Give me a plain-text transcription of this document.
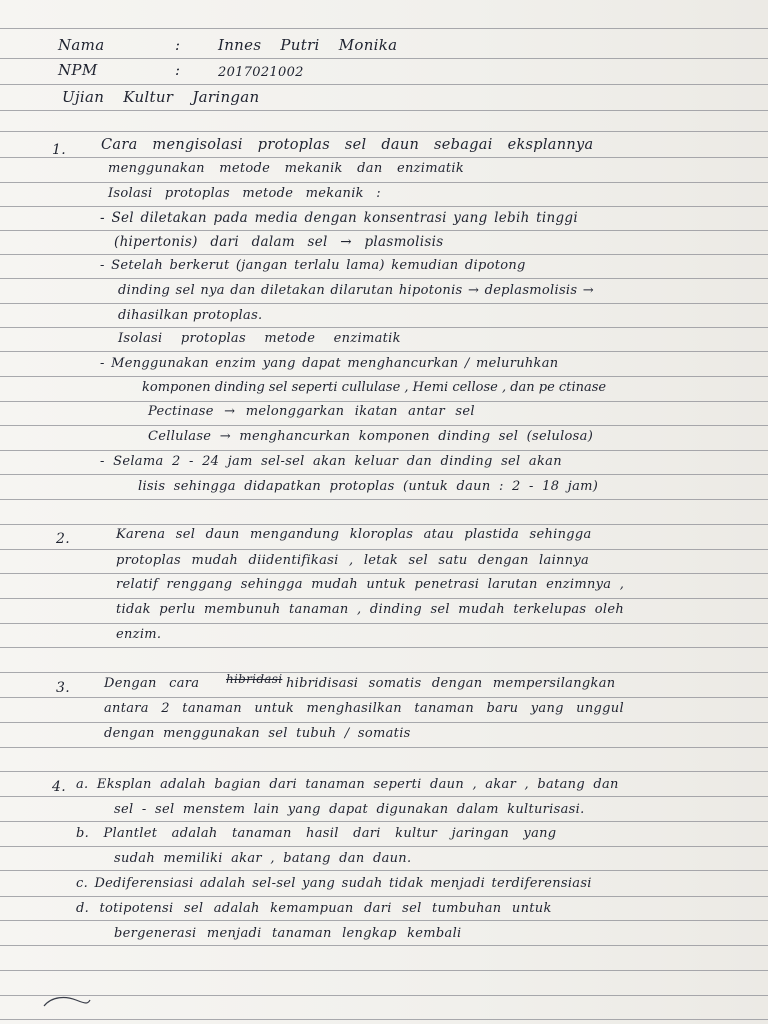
Nama	:	Innes Putri Monika
NPM	:	2017021002
Ujian Kultur Jaringan
1. Cara mengisolasi protoplas sel daun sebagai eksplannya
menggunakan metode mekanik dan enzimatik
Isolasi protoplas metode mekanik :
- Sel diletakan pada media dengan konsentrasi yang lebih tinggi
(hipertonis) dari dalam sel → plasmolisis
- Setelah berkerut (jangan terlalu lama) kemudian dipotong
dinding sel nya dan diletakan dilarutan hipotonis → deplasmolisis →
dihasilkan protoplas.
Isolasi protoplas metode enzimatik
- Menggunakan enzim yang dapat menghancurkan / meluruhkan
komponen dinding sel seperti cullulase , Hemi cellose , dan pe ctinase
Pectinase → melonggarkan ikatan antar sel
Cellulase → menghancurkan komponen dinding sel (selulosa)
- Selama 2 - 24 jam sel-sel akan keluar dan dinding sel akan
lisis sehingga didapatkan protoplas (untuk daun : 2 - 18 jam)
2.	Karena sel daun mengandung kloroplas atau plastida sehingga
protoplas mudah diidentifikasi , letak sel satu dengan lainnya
relatif renggang sehingga mudah untuk penetrasi larutan enzimnya ,
tidak perlu membunuh tanaman , dinding sel mudah terkelupas oleh
enzim.
3.	Dengan cara hibridasi hibridisasi somatis dengan mempersilangkan
antara 2 tanaman untuk menghasilkan tanaman baru yang unggul
dengan menggunakan sel tubuh / somatis
4. a. Eksplan adalah bagian dari tanaman seperti daun , akar , batang dan
sel - sel menstem lain yang dapat digunakan dalam kulturisasi.
b. Plantlet adalah tanaman hasil dari kultur jaringan yang
sudah memiliki akar , batang dan daun.
c. Dediferensiasi adalah sel-sel yang sudah tidak menjadi terdiferensiasi
d. totipotensi sel adalah kemampuan dari sel tumbuhan untuk
bergenerasi menjadi tanaman lengkap kembali
